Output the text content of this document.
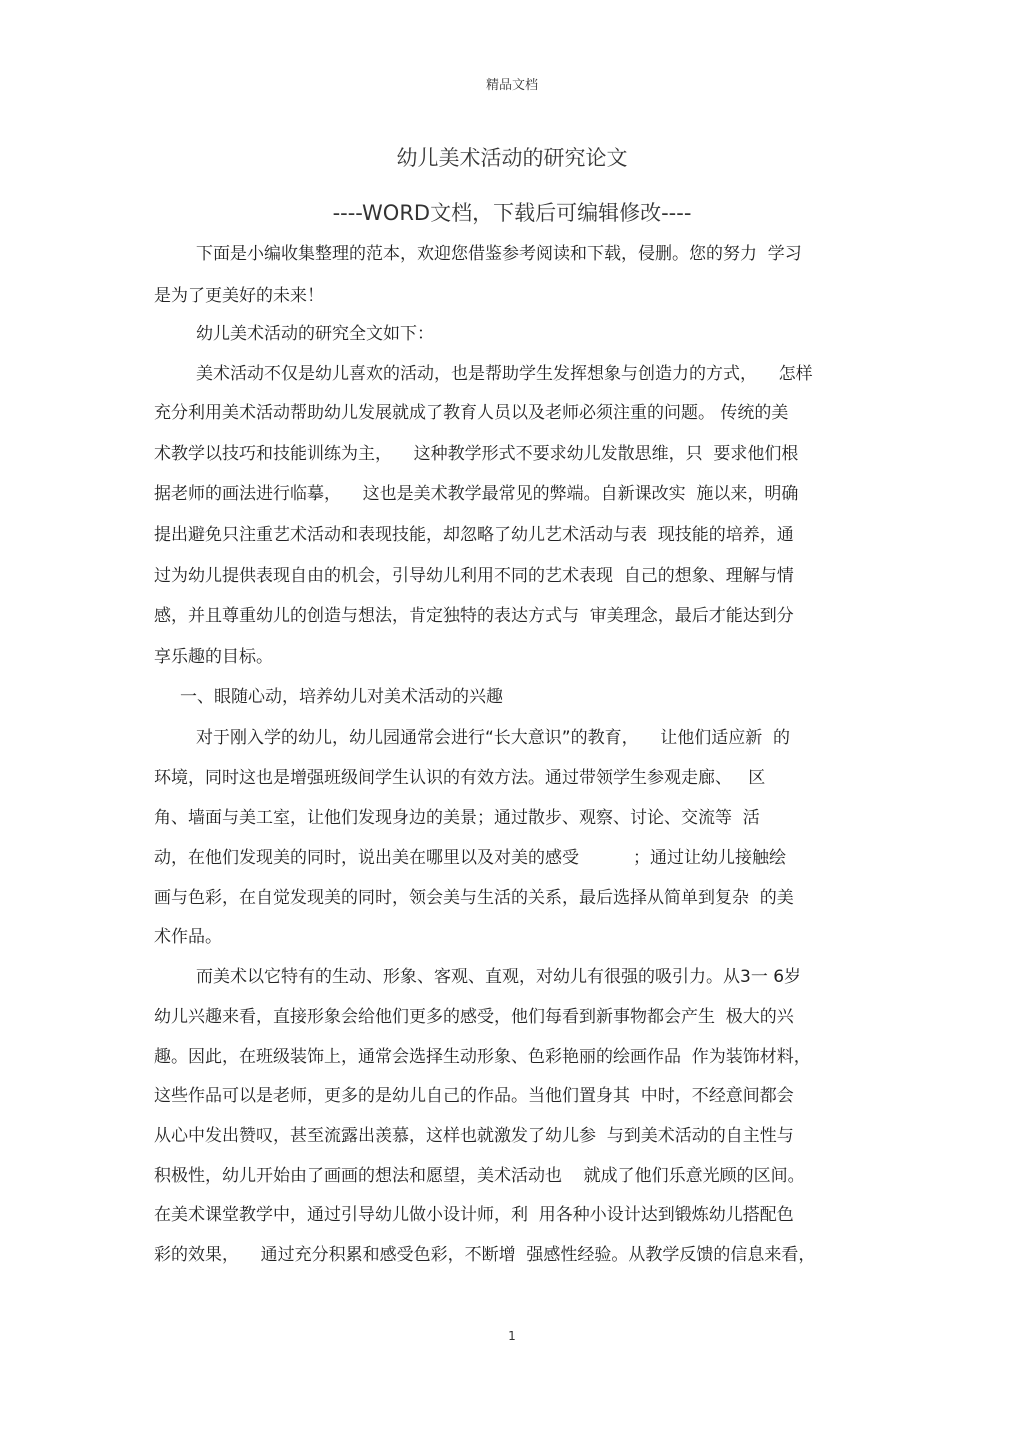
精品文档
幼儿美术活动的研究论文
----WORD文档，下载后可编辑修改----
下面是小编收集整理的范本，欢迎您借鉴参考阅读和下载，侵删。您的努力  学习
是为了更美好的未来！
幼儿美术活动的研究全文如下：
美术活动不仅是幼儿喜欢的活动，也是帮助学生发挥想象与创造力的方式，    怎样
充分利用美术活动帮助幼儿发展就成了教育人员以及老师必须注重的问题。 传统的美
术教学以技巧和技能训练为主，    这种教学形式不要求幼儿发散思维，只  要求他们根
据老师的画法进行临摹，    这也是美术教学最常见的弊端。自新课改实  施以来，明确
提出避免只注重艺术活动和表现技能，却忽略了幼儿艺术活动与表  现技能的培养，通
过为幼儿提供表现自由的机会，引导幼儿利用不同的艺术表现  自己的想象、理解与情
感，并且尊重幼儿的创造与想法，肯定独特的表达方式与  审美理念，最后才能达到分
享乐趣的目标。
一、眼随心动，培养幼儿对美术活动的兴趣
对于刚入学的幼儿，幼儿园通常会进行“长大意识”的教育，    让他们适应新  的
环境，同时这也是增强班级间学生认识的有效方法。通过带领学生参观走廊、   区
角、墙面与美工室，让他们发现身边的美景；通过散步、观察、讨论、交流等  活
动，在他们发现美的同时，说出美在哪里以及对美的感受          ；通过让幼儿接触绘
画与色彩，在自觉发现美的同时，领会美与生活的关系，最后选择从简单到复杂  的美
术作品。
而美术以它特有的生动、形象、客观、直观，对幼儿有很强的吸引力。从3一 6岁
幼儿兴趣来看，直接形象会给他们更多的感受，他们每看到新事物都会产生  极大的兴
趣。因此，在班级装饰上，通常会选择生动形象、色彩艳丽的绘画作品  作为装饰材料，
这些作品可以是老师，更多的是幼儿自己的作品。当他们置身其  中时，不经意间都会
从心中发出赞叹，甚至流露出羡慕，这样也就激发了幼儿参  与到美术活动的自主性与
积极性，幼儿开始由了画画的想法和愿望，美术活动也    就成了他们乐意光顾的区间。
在美术课堂教学中，通过引导幼儿做小设计师，利  用各种小设计达到锻炼幼儿搭配色
彩的效果，    通过充分积累和感受色彩，不断增  强感性经验。从教学反馈的信息来看，
1
